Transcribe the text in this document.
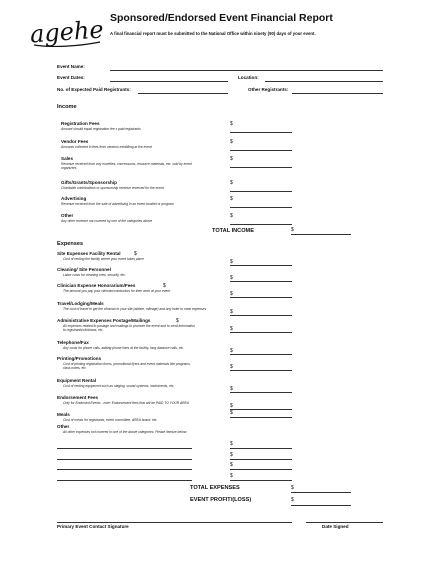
agehe Sponsored/Endorsed Event Financial Report
A final financial report must be submitted to the National Office within ninety (90) days of your event.
Event Name:
Event Dates:	Location:
No. of Expected Paid Registrants:	Other Registrants:
Income
Registration Fees
Amount should equal registration fee x paid registrants
$
Vendor Fees
Amounts collected in fees from vendors exhibiting at the event
$
Sales
Revenue received from any novelties, concessions, resource materials, etc. sold by event
organizers
$
Gifts/Grants/Sponsorship
Charitable contributions or sponsorship revenue received for the event
$
Advertising
Revenue received from the sale of advertising in an event booklet or program
$
Other
Any other revenue not covered by one of the categories above
$
TOTAL INCOME	$
Expenses
Site Expenses Facility Rental
Cost of renting the facility where your event takes place
$
$
Cleaning/ Site Personnel
Labor costs for cleaning crew, security, etc.	$
Clinician Expense Honorarium/Fees
The amount you pay your clinician/conductors for their work at your event
$
$
Travel/Lodging/Meals
The cost of travel to get the clinician to your site (airfare, mileage) and any hotel or meal expenses	$
Administrative Expenses Postage/Mailings
All expenses related to postage and mailings to promote the event and to send information
to registrants/clinicians, etc.
$
$
Telephone/Fax
Any costs for phone calls, adding phone lines at the facility, long distance calls, etc.	$
Printing/Promotions
Cost of printing registration forms, promotional flyers and event materials like programs,
class notes, etc.	$
Equipment Rental
Cost of renting equipment such as staging, sound systems, instruments, etc.	$
Endorsement Fees
Only for Endorsed Events - note: Endorsement fees that will be PAID TO YOUR AREA	$
Meals
Cost of meals for registrants, event committee, AREA board, etc.
$
Other
All other expenses not covered in one of the above categories. Please itemize below:
$
$
$
$
TOTAL EXPENSES	$
EVENT PROFIT/(LOSS)	$
Primary Event Contact Signature	Date Signed
